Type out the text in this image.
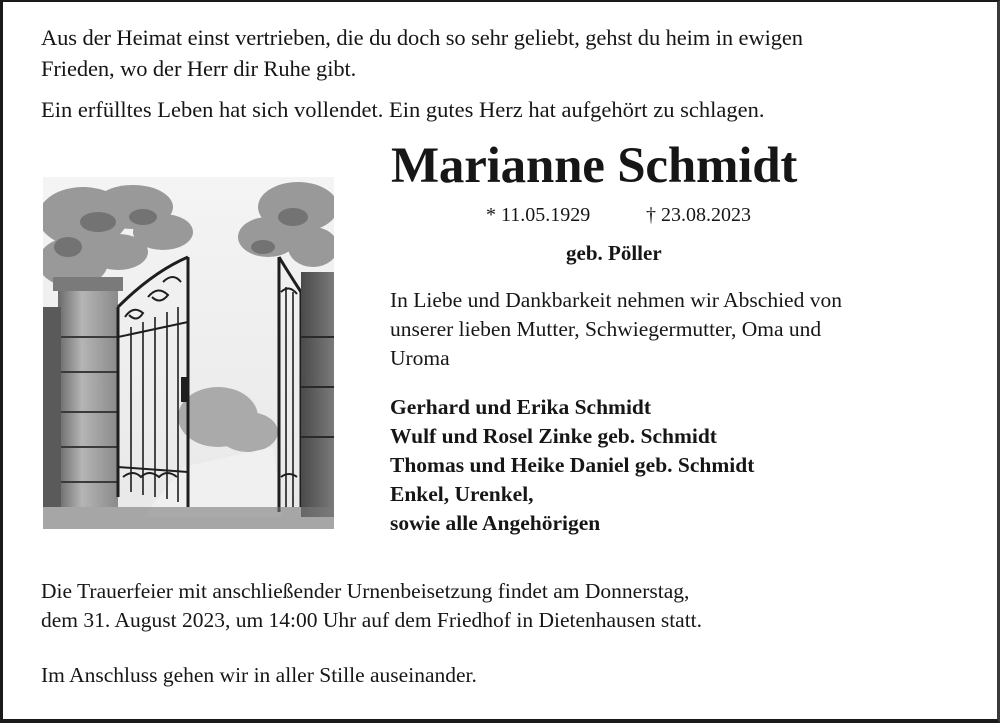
Aus der Heimat einst vertrieben, die du doch so sehr geliebt, gehst du heim in ewigen
Frieden, wo der Herr dir Ruhe gibt.
Ein erfülltes Leben hat sich vollendet. Ein gutes Herz hat aufgehört zu schlagen.
Marianne Schmidt
* 11.05.1929	† 23.08.2023
geb. Pöller
In Liebe und Dankbarkeit nehmen wir Abschied von
unserer lieben Mutter, Schwiegermutter, Oma und
Uroma
Gerhard und Erika Schmidt
Wulf und Rosel Zinke geb. Schmidt
Thomas und Heike Daniel geb. Schmidt
Enkel, Urenkel,
sowie alle Angehörigen
Die Trauerfeier mit anschließender Urnenbeisetzung findet am Donnerstag,
dem 31. August 2023, um 14:00 Uhr auf dem Friedhof in Dietenhausen statt.
Im Anschluss gehen wir in aller Stille auseinander.
